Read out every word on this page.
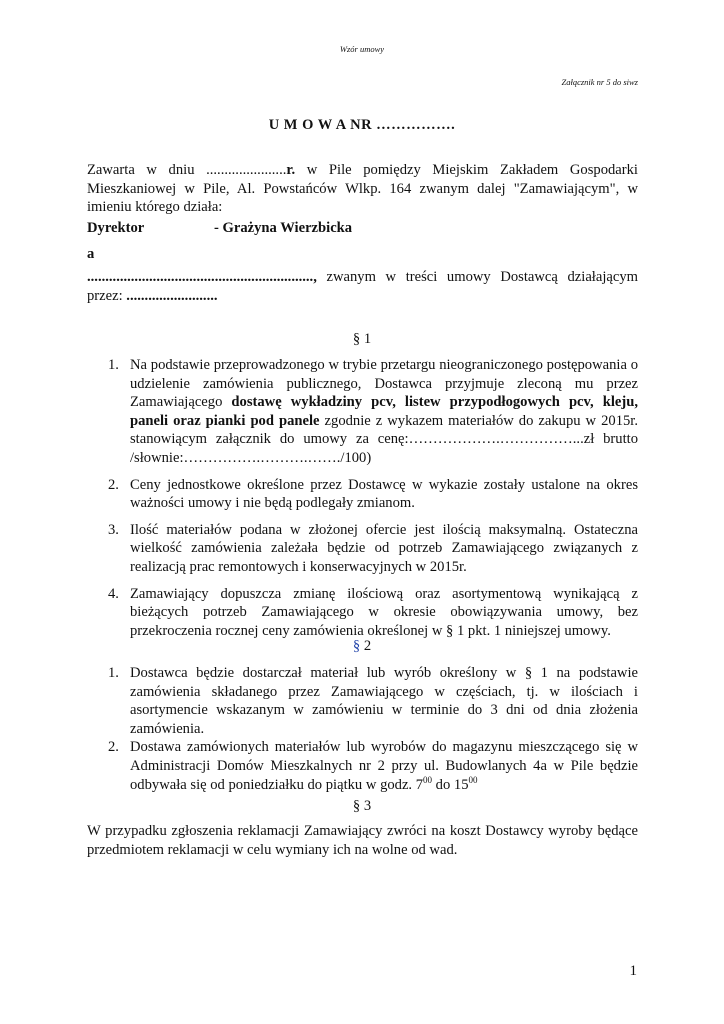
Wzór umowy
Załącznik nr 5 do siwz
U M O W A NR …………….
Zawarta w dniu ......................r. w Pile pomiędzy Miejskim Zakładem Gospodarki Mieszkaniowej w Pile, Al. Powstańców Wlkp. 164 zwanym dalej "Zamawiającym", w imieniu którego działa:
Dyrektor	- Grażyna Wierzbicka
a
.............................................................., zwanym w treści umowy Dostawcą działającym przez: .........................
§ 1
1. Na podstawie przeprowadzonego w trybie przetargu nieograniczonego postępowania o udzielenie zamówienia publicznego, Dostawca przyjmuje zleconą mu przez Zamawiającego dostawę wykładziny pcv, listew przypodłogowych pcv, kleju, paneli oraz pianki pod panele zgodnie z wykazem materiałów do zakupu w 2015r. stanowiącym załącznik do umowy za cenę:……………….……………...zł brutto /słownie:…………….……….……./100)
2. Ceny jednostkowe określone przez Dostawcę w wykazie zostały ustalone na okres ważności umowy i nie będą podlegały zmianom.
3. Ilość materiałów podana w złożonej ofercie jest ilością maksymalną. Ostateczna wielkość zamówienia zależała będzie od potrzeb Zamawiającego związanych z realizacją prac remontowych i konserwacyjnych w 2015r.
4. Zamawiający dopuszcza zmianę ilościową oraz asortymentową wynikającą z bieżących potrzeb Zamawiającego w okresie obowiązywania umowy, bez przekroczenia rocznej ceny zamówienia określonej w § 1 pkt. 1 niniejszej umowy.
§ 2
1. Dostawca będzie dostarczał materiał lub wyrób określony w § 1 na podstawie zamówienia składanego przez Zamawiającego w częściach, tj. w ilościach i asortymencie wskazanym w zamówieniu w terminie do 3 dni od dnia złożenia zamówienia.
2. Dostawa zamówionych materiałów lub wyrobów do magazynu mieszczącego się w Administracji Domów Mieszkalnych nr 2 przy ul. Budowlanych 4a w Pile będzie odbywała się od poniedziałku do piątku w godz. $7^{00}$ do $15^{00}$
§ 3
W przypadku zgłoszenia reklamacji Zamawiający zwróci na koszt Dostawcy wyroby będące przedmiotem reklamacji w celu wymiany ich na wolne od wad.
1
